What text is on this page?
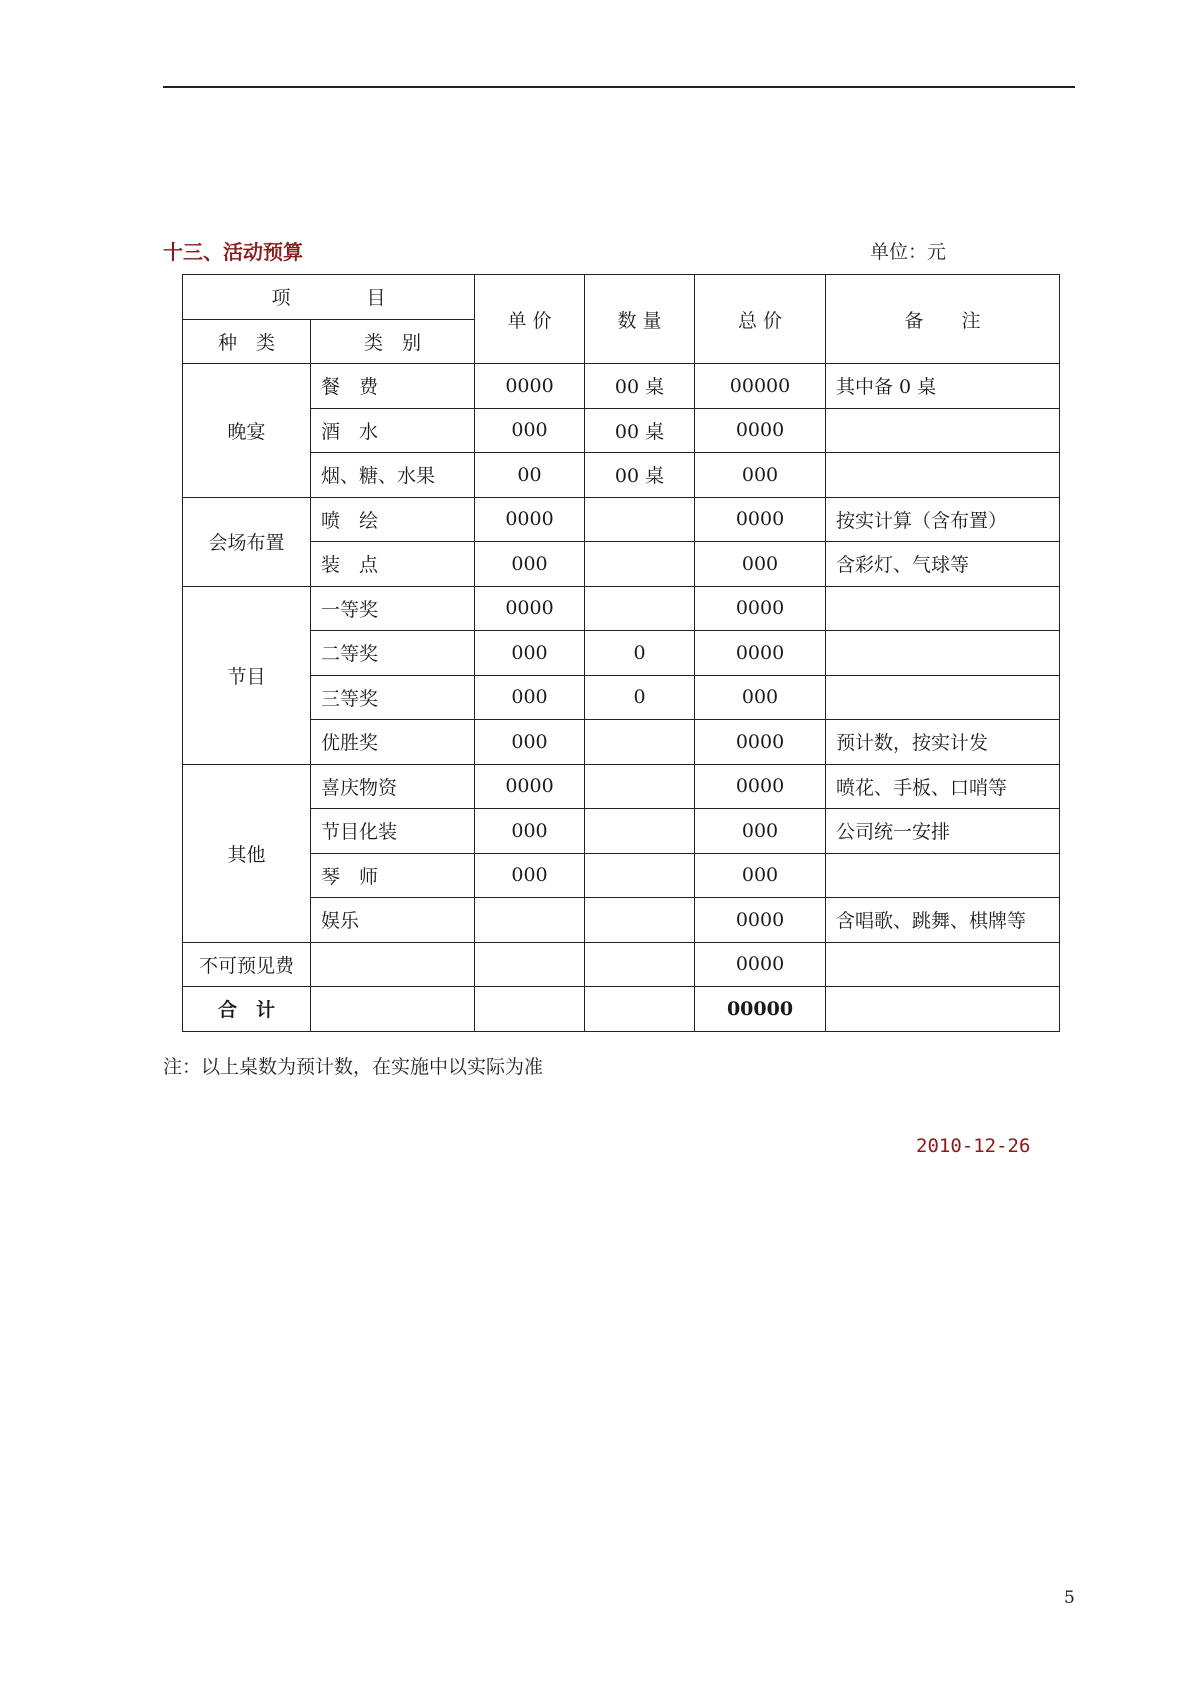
十三、活动预算	单位：元
项　　　　目		单 价	数 量	总 价	备　　注
种　类	类　别				
晚宴	餐　费	0000	00 桌	00000	其中备 0 桌
	酒　水	000	00 桌	0000	
	烟、糖、水果	00	00 桌	000	
会场布置	喷　绘	0000		0000	按实计算（含布置）
	装　点	000		000	含彩灯、气球等
节目	一等奖	0000		0000	
	二等奖	000	0	0000	
	三等奖	000	0	000	
	优胜奖	000		0000	预计数，按实计发
其他	喜庆物资	0000		0000	喷花、手板、口哨等
	节目化装	000		000	公司统一安排
	琴　师	000		000	
	娱乐			0000	含唱歌、跳舞、棋牌等
不可预见费				0000	
合　计				00000	
注：以上桌数为预计数，在实施中以实际为准
2010-12-26
5
